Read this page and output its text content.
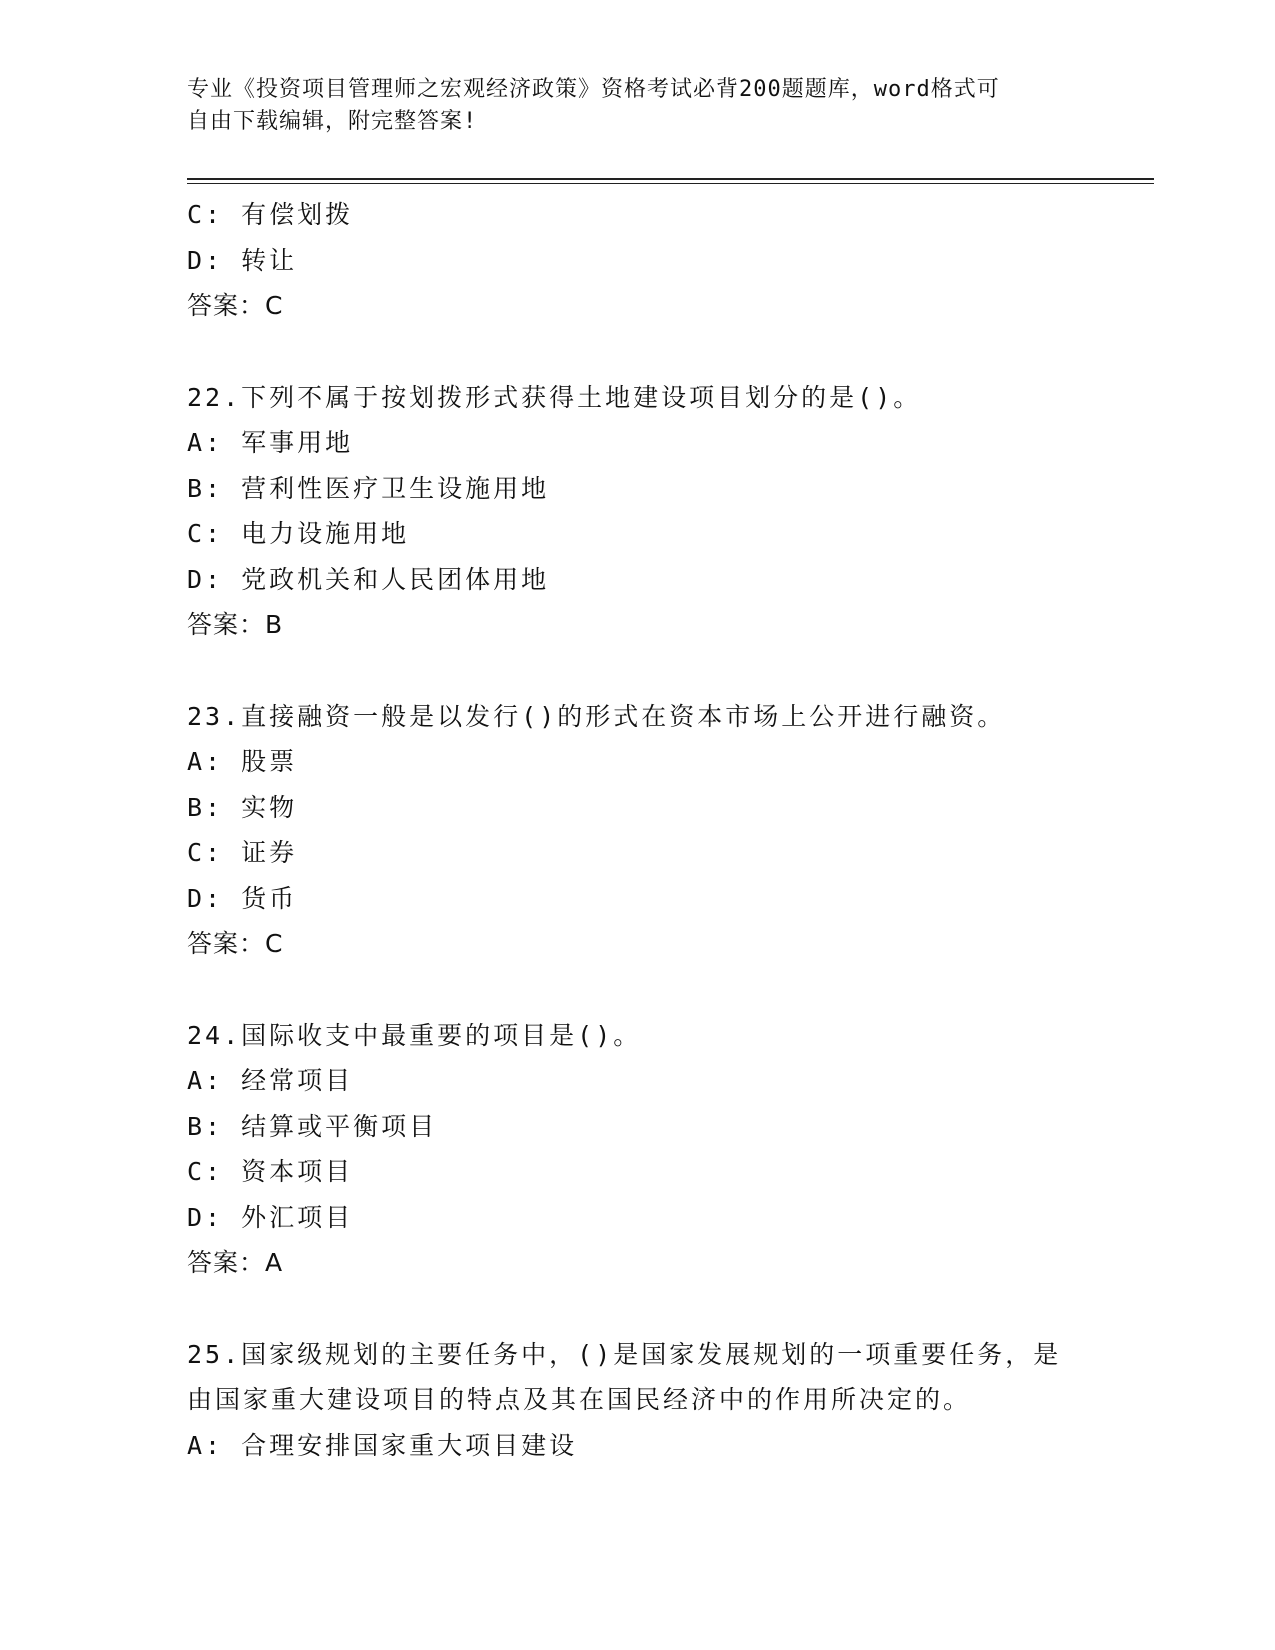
专业《投资项目管理师之宏观经济政策》资格考试必背200题题库，word格式可
自由下载编辑，附完整答案!
C: 有偿划拨
D: 转让
答案：C
22.下列不属于按划拨形式获得土地建设项目划分的是()。
A: 军事用地
B: 营利性医疗卫生设施用地
C: 电力设施用地
D: 党政机关和人民团体用地
答案：B
23.直接融资一般是以发行()的形式在资本市场上公开进行融资。
A: 股票
B: 实物
C: 证券
D: 货币
答案：C
24.国际收支中最重要的项目是()。
A: 经常项目
B: 结算或平衡项目
C: 资本项目
D: 外汇项目
答案：A
25.国家级规划的主要任务中，()是国家发展规划的一项重要任务，是
由国家重大建设项目的特点及其在国民经济中的作用所决定的。
A: 合理安排国家重大项目建设
